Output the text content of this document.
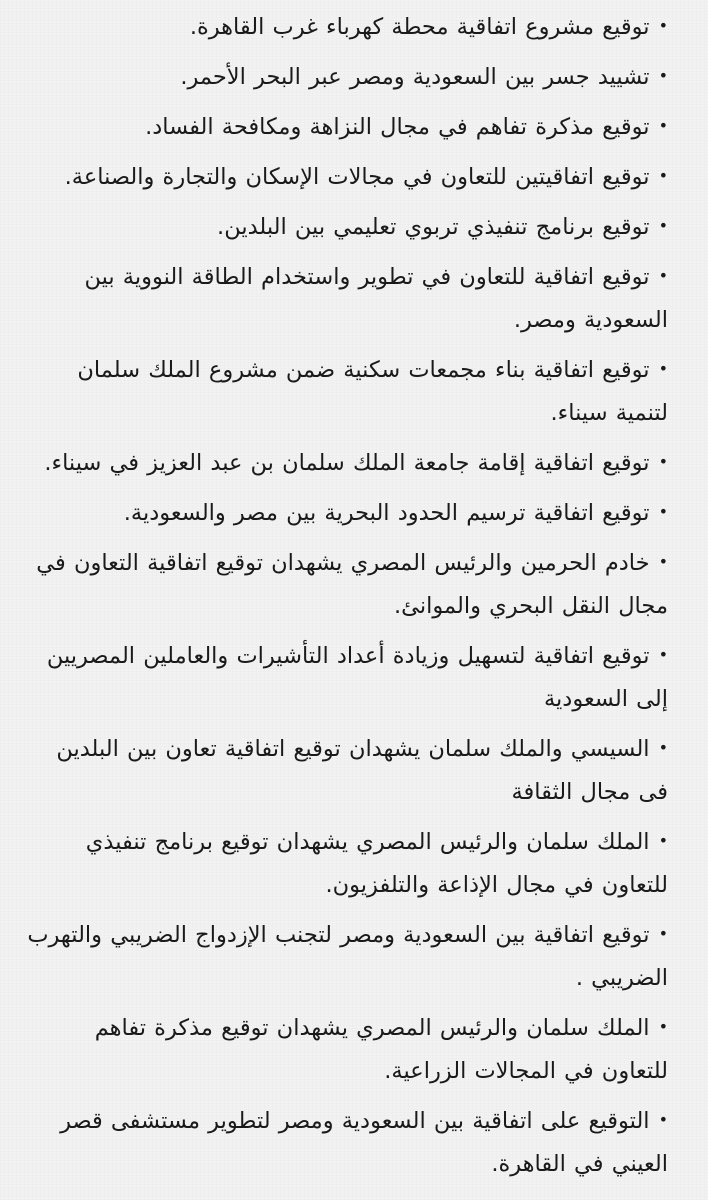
•توقيع مشروع اتفاقية محطة كهرباء غرب القاهرة.
•تشييد جسر بين السعودية ومصر عبر البحر الأحمر.
•توقيع مذكرة تفاهم في مجال النزاهة ومكافحة الفساد.
•توقيع اتفاقيتين للتعاون في مجالات الإسكان والتجارة والصناعة.
•توقيع برنامج تنفيذي تربوي تعليمي بين البلدين.
•توقيع اتفاقية للتعاون في تطوير واستخدام الطاقة النووية بين السعودية ومصر.
•توقيع اتفاقية بناء مجمعات سكنية ضمن مشروع الملك سلمان لتنمية سيناء.
•توقيع اتفاقية إقامة جامعة الملك سلمان بن عبد العزيز في سيناء.
•توقيع اتفاقية ترسيم الحدود البحرية بين مصر والسعودية.
•خادم الحرمين والرئيس المصري يشهدان توقيع اتفاقية التعاون في مجال النقل البحري والموانئ.
•توقيع اتفاقية لتسهيل وزيادة أعداد التأشيرات والعاملين المصريين إلى السعودية
•السيسي والملك سلمان يشهدان توقيع اتفاقية تعاون بين البلدين فى مجال الثقافة
•الملك سلمان والرئيس المصري يشهدان توقيع برنامج تنفيذي للتعاون في مجال الإذاعة والتلفزيون.
•توقيع اتفاقية بين السعودية ومصر لتجنب الإزدواج الضريبي والتهرب الضريبي .
•الملك سلمان والرئيس المصري يشهدان توقيع مذكرة تفاهم للتعاون في المجالات الزراعية.
•التوقيع على اتفاقية بين السعودية ومصر لتطوير مستشفى قصر العيني في القاهرة.
